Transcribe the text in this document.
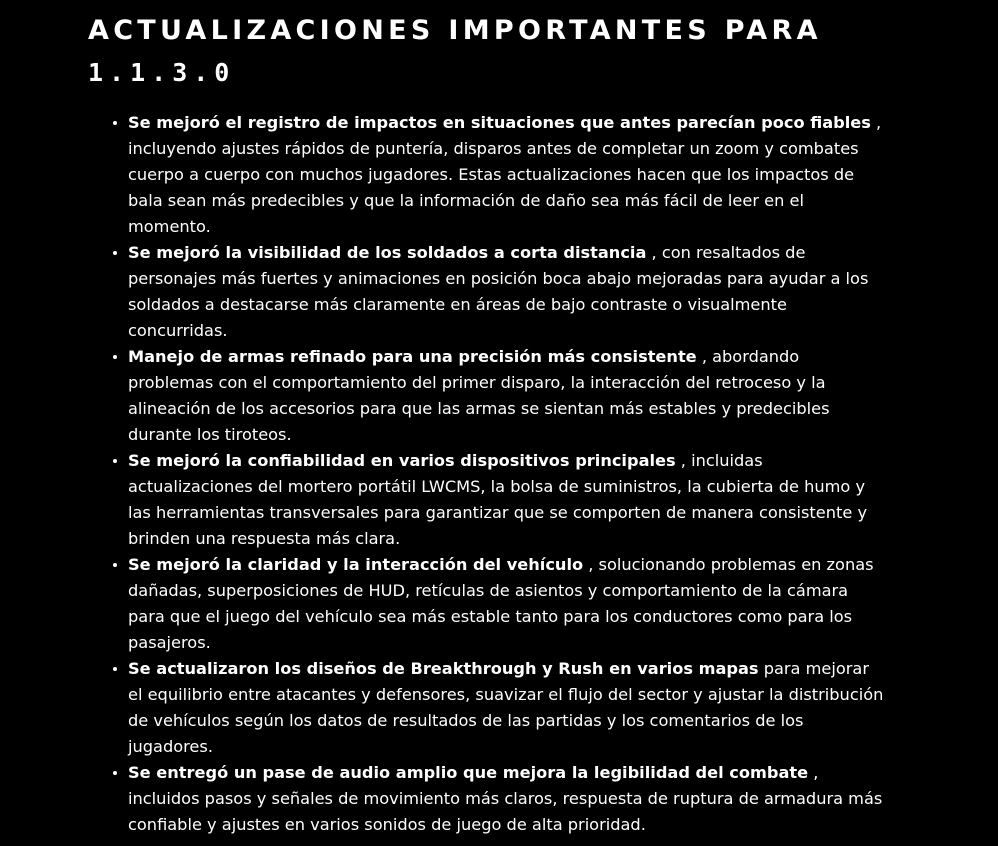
ACTUALIZACIONES IMPORTANTES PARA
1.1.3.0
Se mejoró el registro de impactos en situaciones que antes parecían poco fiables , incluyendo ajustes rápidos de puntería, disparos antes de completar un zoom y combates cuerpo a cuerpo con muchos jugadores. Estas actualizaciones hacen que los impactos de bala sean más predecibles y que la información de daño sea más fácil de leer en el momento.
Se mejoró la visibilidad de los soldados a corta distancia , con resaltados de personajes más fuertes y animaciones en posición boca abajo mejoradas para ayudar a los soldados a destacarse más claramente en áreas de bajo contraste o visualmente concurridas.
Manejo de armas refinado para una precisión más consistente , abordando problemas con el comportamiento del primer disparo, la interacción del retroceso y la alineación de los accesorios para que las armas se sientan más estables y predecibles durante los tiroteos.
Se mejoró la confiabilidad en varios dispositivos principales , incluidas actualizaciones del mortero portátil LWCMS, la bolsa de suministros, la cubierta de humo y las herramientas transversales para garantizar que se comporten de manera consistente y brinden una respuesta más clara.
Se mejoró la claridad y la interacción del vehículo , solucionando problemas en zonas dañadas, superposiciones de HUD, retículas de asientos y comportamiento de la cámara para que el juego del vehículo sea más estable tanto para los conductores como para los pasajeros.
Se actualizaron los diseños de Breakthrough y Rush en varios mapas para mejorar el equilibrio entre atacantes y defensores, suavizar el flujo del sector y ajustar la distribución de vehículos según los datos de resultados de las partidas y los comentarios de los jugadores.
Se entregó un pase de audio amplio que mejora la legibilidad del combate , incluidos pasos y señales de movimiento más claros, respuesta de ruptura de armadura más confiable y ajustes en varios sonidos de juego de alta prioridad.
